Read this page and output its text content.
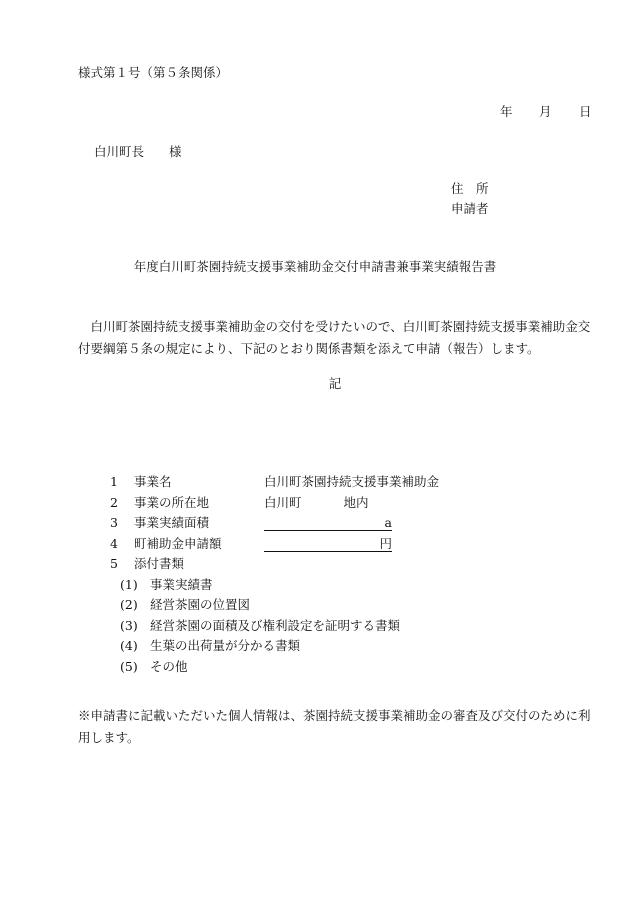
様式第１号（第５条関係）
年 月 日
白川町長　　様
住　所
申請者
年度白川町茶園持続支援事業補助金交付申請書兼事業実績報告書
白川町茶園持続支援事業補助金の交付を受けたいので、白川町茶園持続支援事業補助金交付要綱第５条の規定により、下記のとおり関係書類を添えて申請（報告）します。
記
1	事業名	白川町茶園持続支援事業補助金
2	事業の所在地	白川町	地内
3	事業実績面積	a
4	町補助金申請額	円
5	添付書類
(1) 事業実績書
(2) 経営茶園の位置図
(3) 経営茶園の面積及び権利設定を証明する書類
(4) 生葉の出荷量が分かる書類
(5) その他
※申請書に記載いただいた個人情報は、茶園持続支援事業補助金の審査及び交付のために利用します。
